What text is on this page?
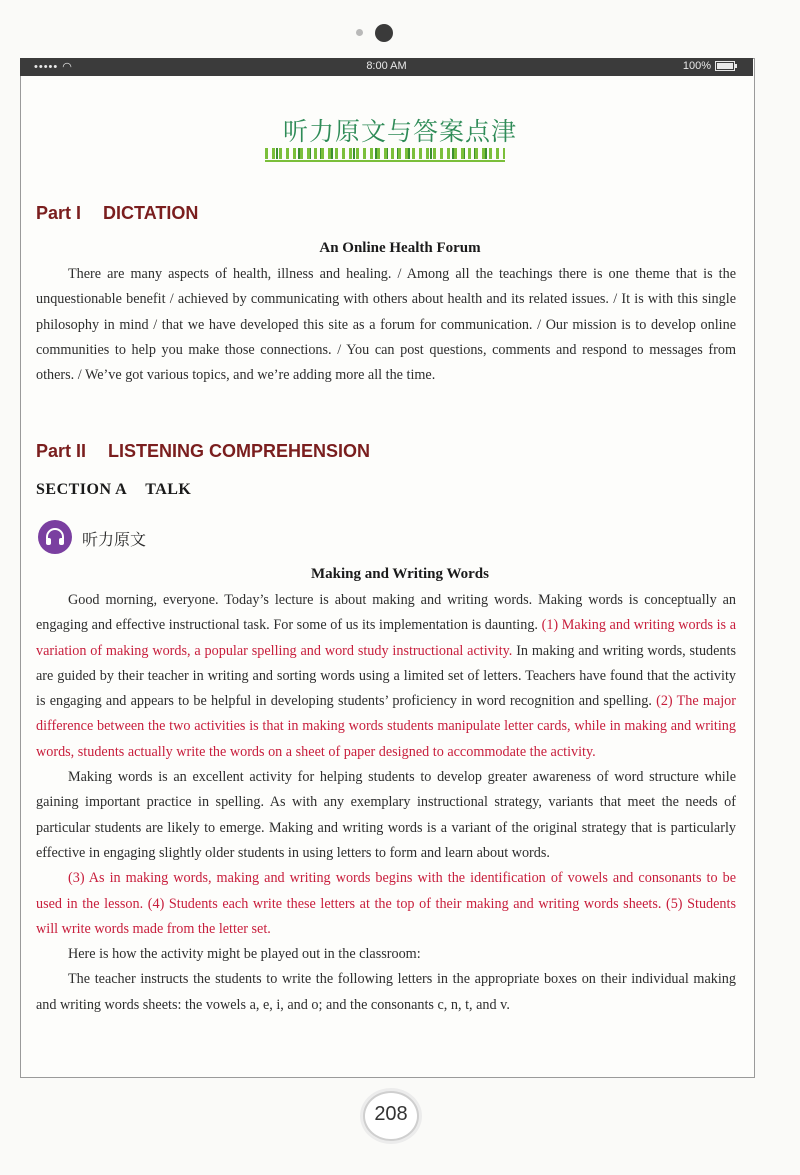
••••• ◠	8:00 AM	100%
听力原文与答案点津
Part I DICTATION
An Online Health Forum

There are many aspects of health, illness and healing. / Among all the teachings there is one theme that is the unquestionable benefit / achieved by communicating with others about health and its related issues. / It is with this single philosophy in mind / that we have developed this site as a forum for communication. / Our mission is to develop online communities to help you make those connections. / You can post questions, comments and respond to messages from others. / We’ve got various topics, and we’re adding more all the time.

Part II LISTENING COMPREHENSION
SECTION A TALK
听力原文
Making and Writing Words

Good morning, everyone. Today’s lecture is about making and writing words. Making words is conceptually an engaging and effective instructional task. For some of us its implementation is daunting. (1) Making and writing words is a variation of making words, a popular spelling and word study instructional activity. In making and writing words, students are guided by their teacher in writing and sorting words using a limited set of letters. Teachers have found that the activity is engaging and appears to be helpful in developing students’ proficiency in word recognition and spelling. (2) The major difference between the two activities is that in making words students manipulate letter cards, while in making and writing words, students actually write the words on a sheet of paper designed to accommodate the activity.

Making words is an excellent activity for helping students to develop greater awareness of word structure while gaining important practice in spelling. As with any exemplary instructional strategy, variants that meet the needs of particular students are likely to emerge. Making and writing words is a variant of the original strategy that is particularly effective in engaging slightly older students in using letters to form and learn about words.

(3) As in making words, making and writing words begins with the identification of vowels and consonants to be used in the lesson. (4) Students each write these letters at the top of their making and writing words sheets. (5) Students will write words made from the letter set.

Here is how the activity might be played out in the classroom:

The teacher instructs the students to write the following letters in the appropriate boxes on their individual making and writing words sheets: the vowels a, e, i, and o; and the consonants c, n, t, and v.

208
